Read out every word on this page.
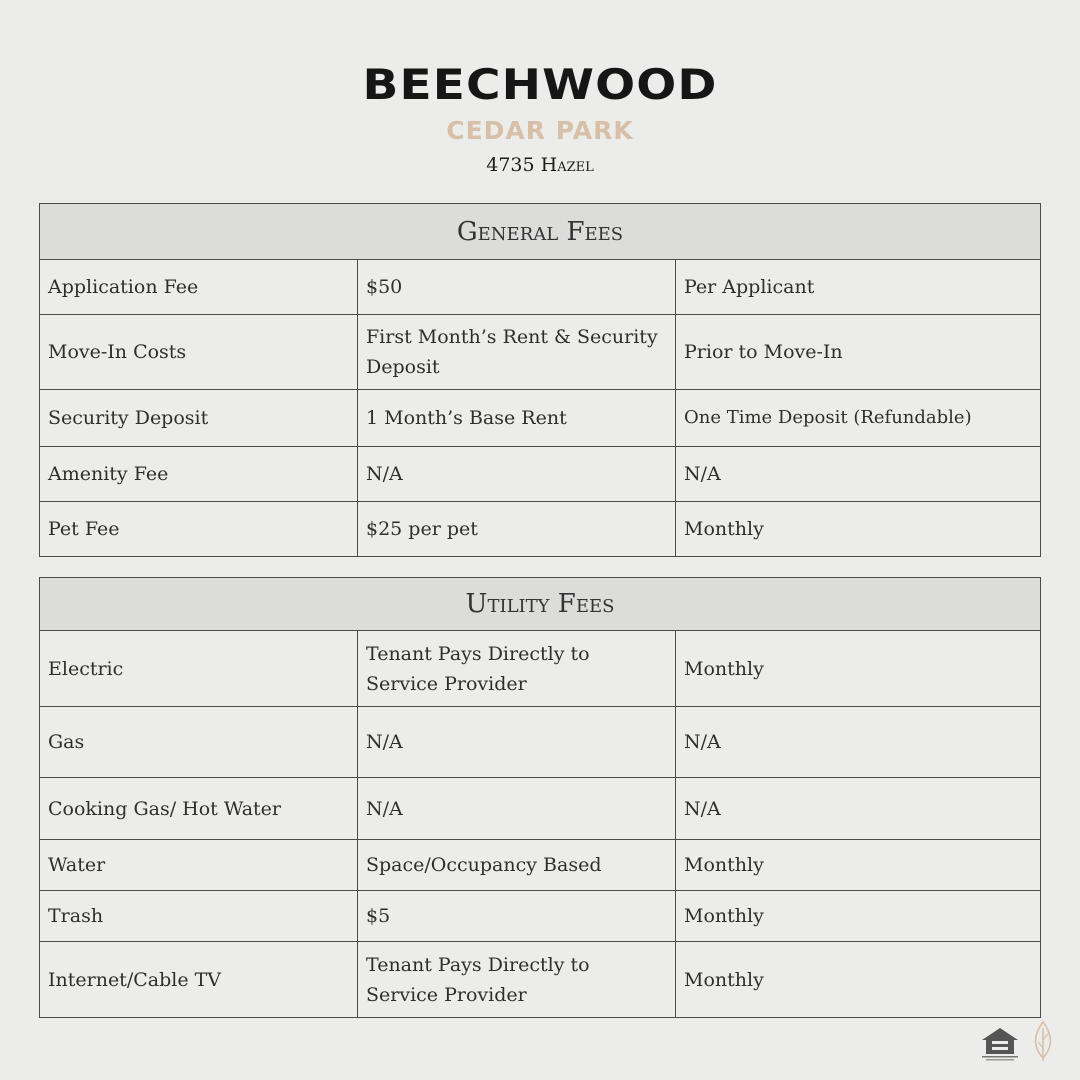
BEECHWOOD
CEDAR PARK
4735 Hazel
General Fees		
Application Fee	$50	Per Applicant
Move-In Costs	First Month’s Rent & Security Deposit	Prior to Move-In
Security Deposit	1 Month’s Base Rent	One Time Deposit (Refundable)
Amenity Fee	N/A	N/A
Pet Fee	$25 per pet	Monthly
Utility Fees		
Electric	Tenant Pays Directly to Service Provider	Monthly
Gas	N/A	N/A
Cooking Gas/ Hot Water	N/A	N/A
Water	Space/Occupancy Based	Monthly
Trash	$5	Monthly
Internet/Cable TV	Tenant Pays Directly to Service Provider	Monthly
